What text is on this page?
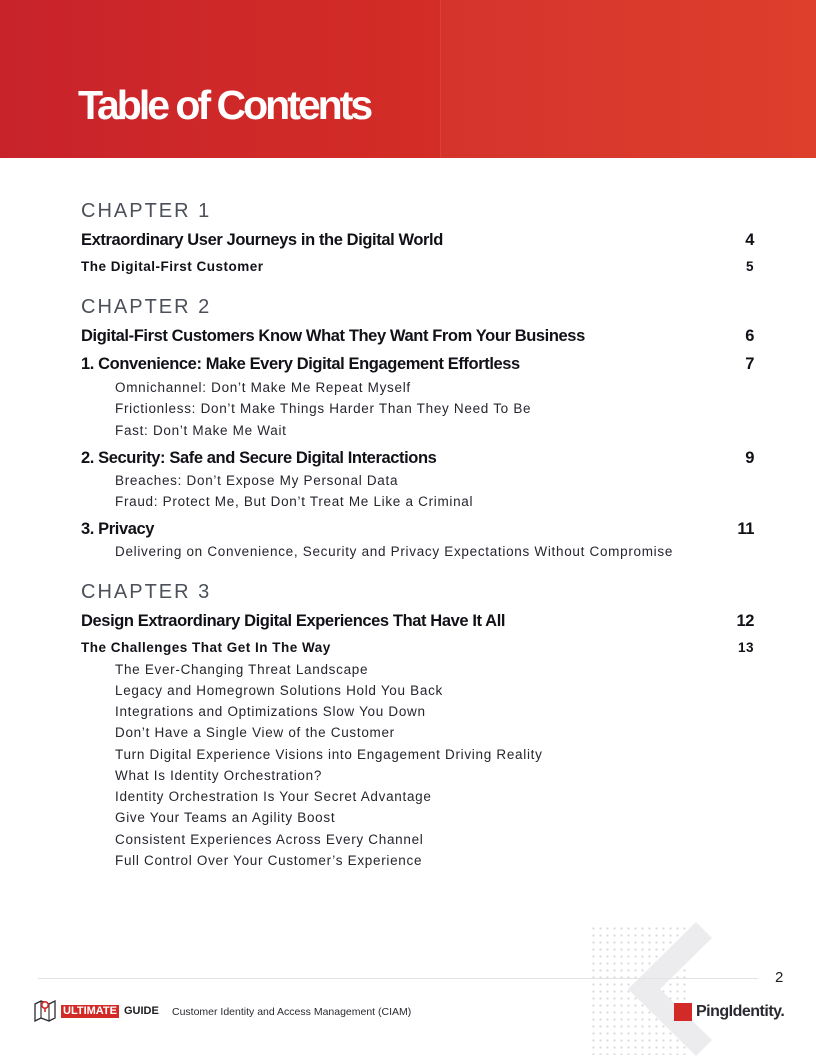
Table of Contents
CHAPTER 1
Extraordinary User Journeys in the Digital World	4
The Digital-First Customer	5
CHAPTER 2
Digital-First Customers Know What They Want From Your Business	6
1. Convenience: Make Every Digital Engagement Effortless	7
Omnichannel: Don’t Make Me Repeat Myself
Frictionless: Don’t Make Things Harder Than They Need To Be
Fast: Don’t Make Me Wait
2. Security: Safe and Secure Digital Interactions	9
Breaches: Don’t Expose My Personal Data
Fraud: Protect Me, But Don’t Treat Me Like a Criminal
3. Privacy	11
Delivering on Convenience, Security and Privacy Expectations Without Compromise
CHAPTER 3
Design Extraordinary Digital Experiences That Have It All	12
The Challenges That Get In The Way	13
The Ever-Changing Threat Landscape
Legacy and Homegrown Solutions Hold You Back
Integrations and Optimizations Slow You Down
Don’t Have a Single View of the Customer
Turn Digital Experience Visions into Engagement Driving Reality
What Is Identity Orchestration?
Identity Orchestration Is Your Secret Advantage
Give Your Teams an Agility Boost
Consistent Experiences Across Every Channel
Full Control Over Your Customer’s Experience
2
ULTIMATE GUIDE Customer Identity and Access Management (CIAM)	PingIdentity.
